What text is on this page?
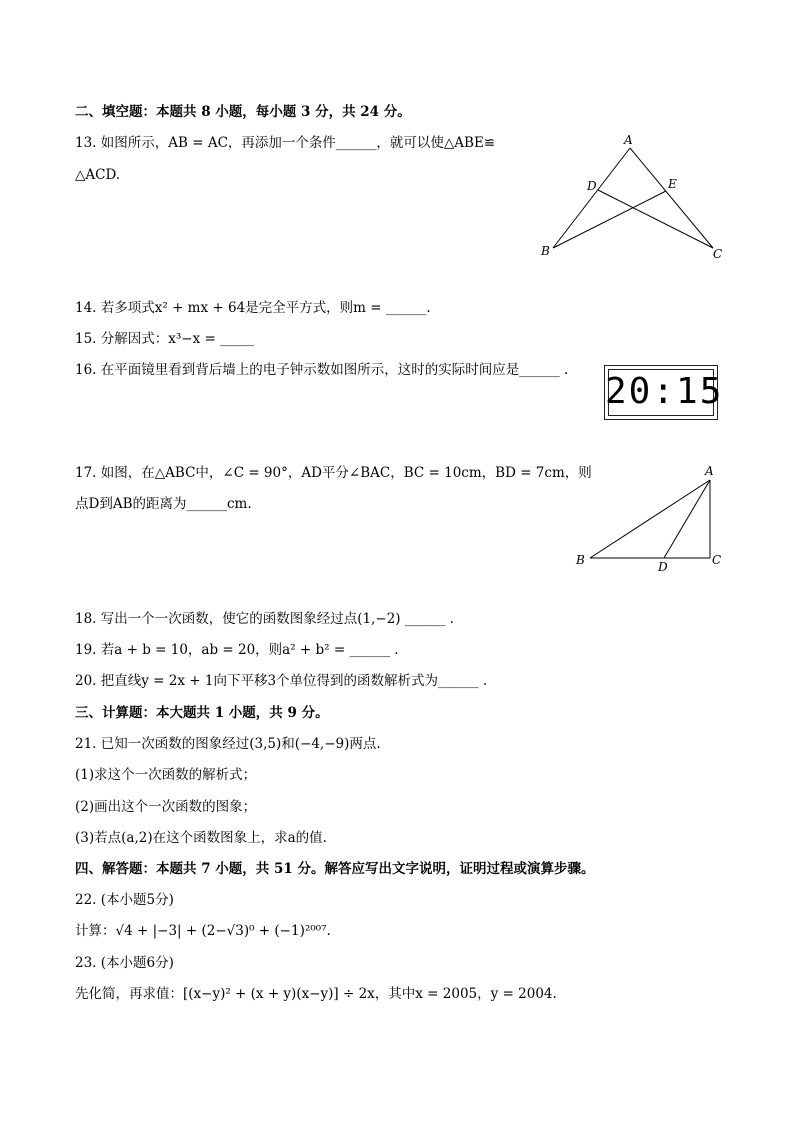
二、填空题：本题共 8 小题，每小题 3 分，共 24 分。
13. 如图所示，AB = AC，再添加一个条件______，就可以使△ABE≌
△ACD.
A
D	E
B	C
14. 若多项式x² + mx + 64是完全平方式，则m = ______.
15. 分解因式：x³−x = _____
16. 在平面镜里看到背后墙上的电子钟示数如图所示，这时的实际时间应是______ .
20:15
17. 如图，在△ABC中，∠C = 90°，AD平分∠BAC，BC = 10cm，BD = 7cm，则
点D到AB的距离为______cm.
A
B	C
D
18. 写出一个一次函数，使它的函数图象经过点(1,−2) ______ .
19. 若a + b = 10，ab = 20，则a² + b² = ______ .
20. 把直线y = 2x + 1向下平移3个单位得到的函数解析式为______ .
三、计算题：本大题共 1 小题，共 9 分。
21. 已知一次函数的图象经过(3,5)和(−4,−9)两点.
(1)求这个一次函数的解析式；
(2)画出这个一次函数的图象；
(3)若点(a,2)在这个函数图象上，求a的值.
四、解答题：本题共 7 小题，共 51 分。解答应写出文字说明，证明过程或演算步骤。
22. (本小题5分)
计算：√4 + |−3| + (2−√3)⁰ + (−1)²⁰⁰⁷.
23. (本小题6分)
先化简，再求值：[(x−y)² + (x + y)(x−y)] ÷ 2x，其中x = 2005，y = 2004.
